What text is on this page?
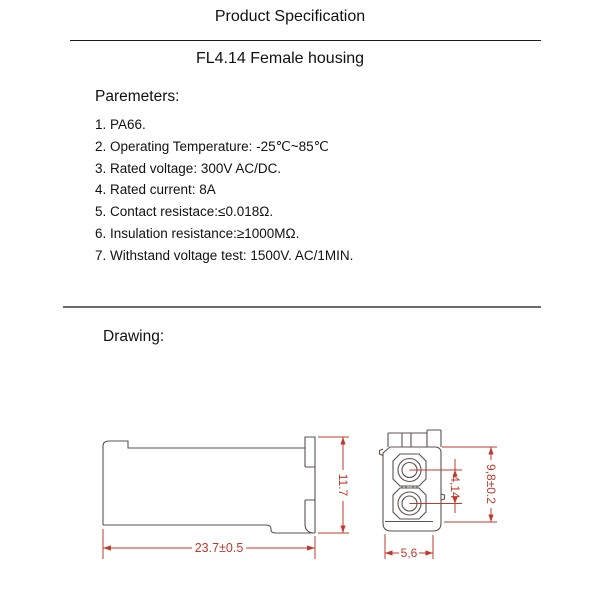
Product Specification
FL4.14 Female housing
Paremeters:
1. PA66.
2. Operating Temperature: -25℃~85℃
3. Rated voltage: 300V AC/DC.
4. Rated current: 8A
5. Contact resistace:≤0.018Ω.
6. Insulation resistance:≥1000MΩ.
7. Withstand voltage test: 1500V. AC/1MIN.
Drawing:
23.7±0.5
11.7	4,14 9,8±0.2
5,6
